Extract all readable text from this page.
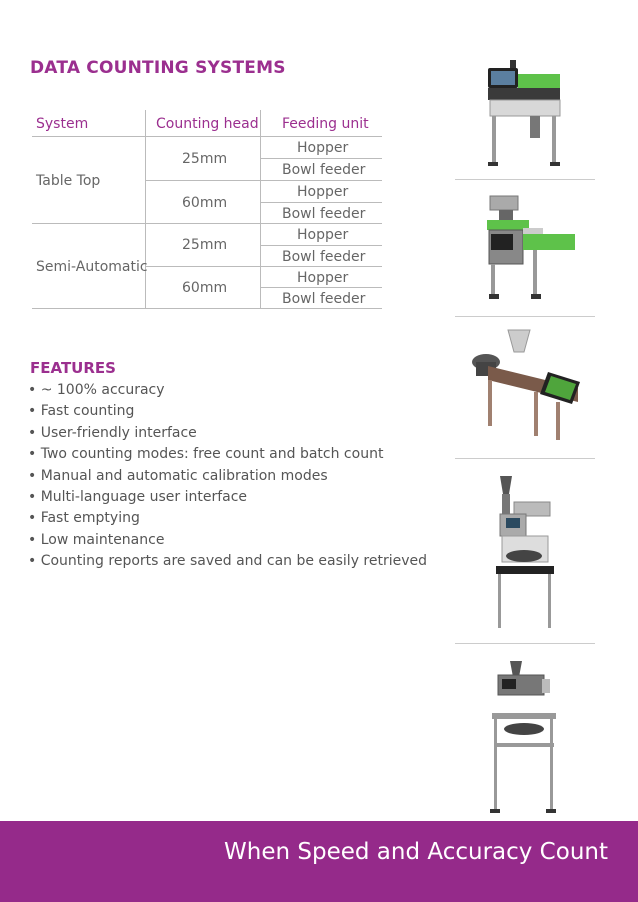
DATA COUNTING SYSTEMS
System	Counting head Feeding unit
Table Top
Semi-Automatic
25mm
60mm
25mm
60mm
Hopper
Bowl feeder
Hopper
Bowl feeder
Hopper
Bowl feeder
Hopper
Bowl feeder
FEATURES
• ~ 100% accuracy
• Fast counting
• User-friendly interface
• Two counting modes: free count and batch count
• Manual and automatic calibration modes
• Multi-language user interface
• Fast emptying
• Low maintenance
• Counting reports are saved and can be easily retrieved
When Speed and Accuracy Count
